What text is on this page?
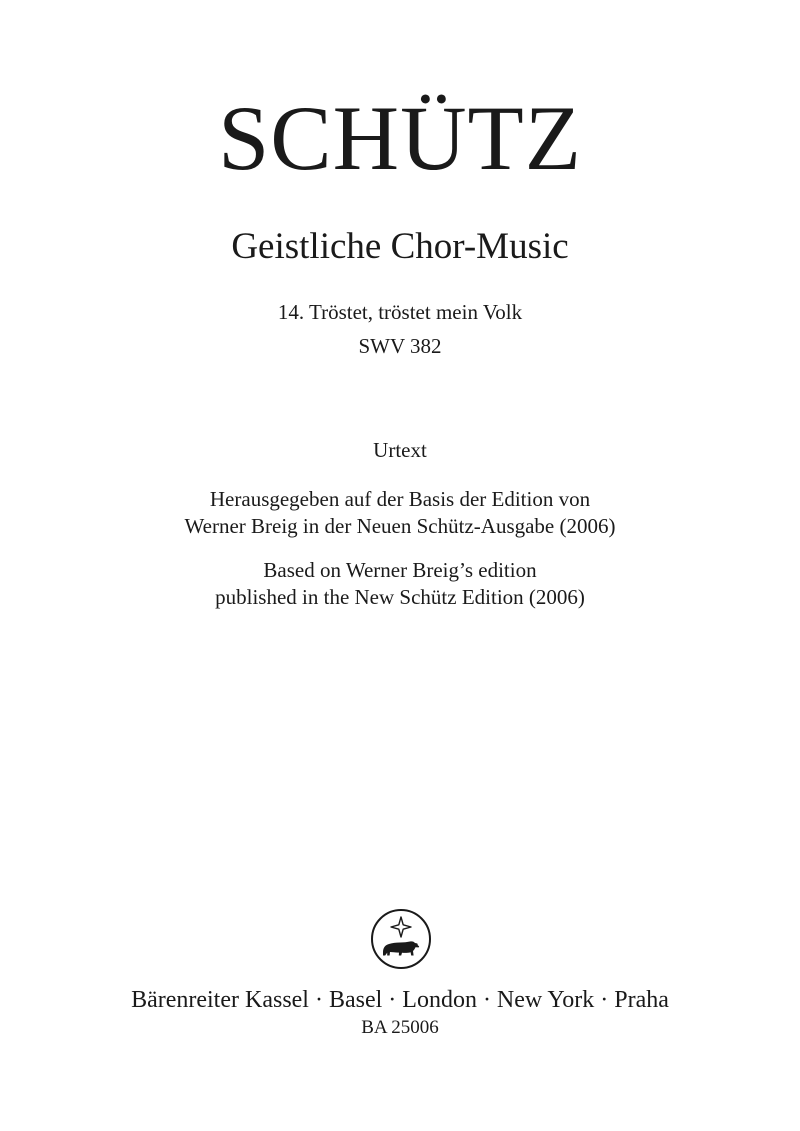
SCHÜTZ
Geistliche Chor-Music
14. Tröstet, tröstet mein Volk
SWV 382
Urtext
Herausgegeben auf der Basis der Edition von
Werner Breig in der Neuen Schütz-Ausgabe (2006)
Based on Werner Breig’s edition
published in the New Schütz Edition (2006)
Bärenreiter Kassel · Basel · London · New York · Praha
BA 25006
